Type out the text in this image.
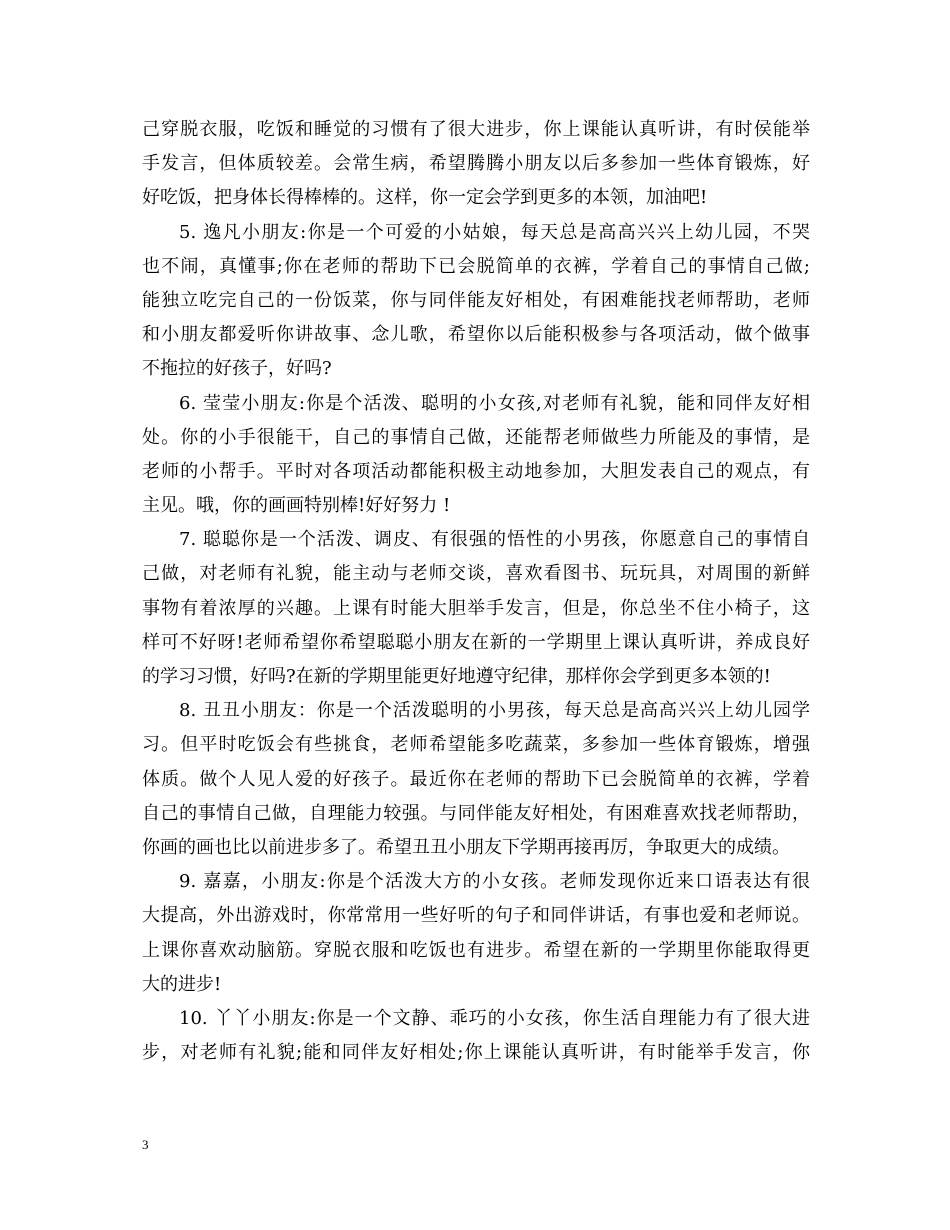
己穿脱衣服，吃饭和睡觉的习惯有了很大进步，你上课能认真听讲，有时侯能举
手发言，但体质较差。会常生病，希望腾腾小朋友以后多参加一些体育锻炼，好
好吃饭，把身体长得棒棒的。这样，你一定会学到更多的本领，加油吧!
5. 逸凡小朋友:你是一个可爱的小姑娘，每天总是高高兴兴上幼儿园，不哭
也不闹，真懂事;你在老师的帮助下已会脱简单的衣裤，学着自己的事情自己做;
能独立吃完自己的一份饭菜，你与同伴能友好相处，有困难能找老师帮助，老师
和小朋友都爱听你讲故事、念儿歌，希望你以后能积极参与各项活动，做个做事
不拖拉的好孩子，好吗?
6. 莹莹小朋友:你是个活泼、聪明的小女孩,对老师有礼貌，能和同伴友好相
处。你的小手很能干，自己的事情自己做，还能帮老师做些力所能及的事情，是
老师的小帮手。平时对各项活动都能积极主动地参加，大胆发表自己的观点，有
主见。哦，你的画画特别棒!好好努力 !
7. 聪聪你是一个活泼、调皮、有很强的悟性的小男孩，你愿意自己的事情自
己做，对老师有礼貌，能主动与老师交谈，喜欢看图书、玩玩具，对周围的新鲜
事物有着浓厚的兴趣。上课有时能大胆举手发言，但是，你总坐不住小椅子，这
样可不好呀!老师希望你希望聪聪小朋友在新的一学期里上课认真听讲，养成良好
的学习习惯，好吗?在新的学期里能更好地遵守纪律，那样你会学到更多本领的!
8. 丑丑小朋友：你是一个活泼聪明的小男孩，每天总是高高兴兴上幼儿园学
习。但平时吃饭会有些挑食，老师希望能多吃蔬菜，多参加一些体育锻炼，增强
体质。做个人见人爱的好孩子。最近你在老师的帮助下已会脱简单的衣裤，学着
自己的事情自己做，自理能力较强。与同伴能友好相处，有困难喜欢找老师帮助，
你画的画也比以前进步多了。希望丑丑小朋友下学期再接再厉，争取更大的成绩。
9. 嘉嘉，小朋友:你是个活泼大方的小女孩。老师发现你近来口语表达有很
大提高，外出游戏时，你常常用一些好听的句子和同伴讲话，有事也爱和老师说。
上课你喜欢动脑筋。穿脱衣服和吃饭也有进步。希望在新的一学期里你能取得更
大的进步!
10. 丫丫小朋友:你是一个文静、乖巧的小女孩，你生活自理能力有了很大进
步，对老师有礼貌;能和同伴友好相处;你上课能认真听讲，有时能举手发言，你
3
